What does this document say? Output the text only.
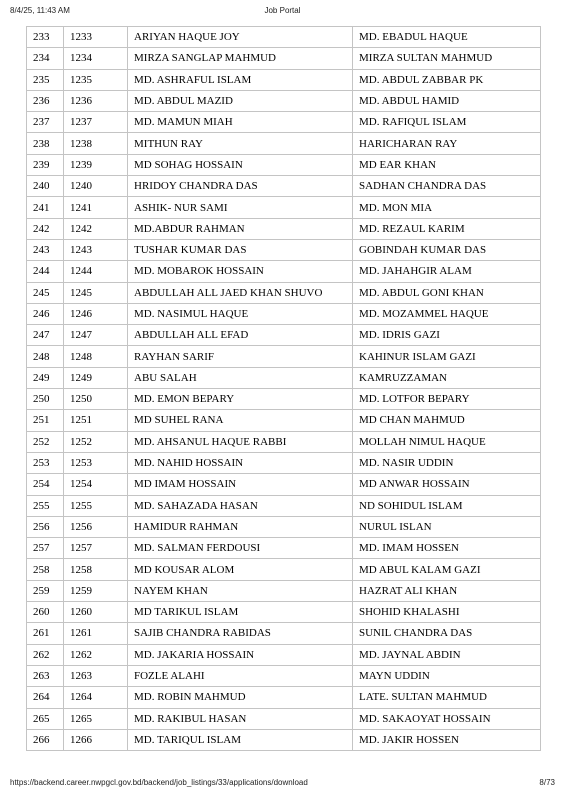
8/4/25, 11:43 AM	Job Portal
233	1233	ARIYAN HAQUE JOY	MD. EBADUL HAQUE
234	1234	MIRZA SANGLAP MAHMUD	MIRZA SULTAN MAHMUD
235	1235	MD. ASHRAFUL ISLAM	MD. ABDUL ZABBAR PK
236	1236	MD. ABDUL MAZID	MD. ABDUL HAMID
237	1237	MD. MAMUN MIAH	MD. RAFIQUL ISLAM
238	1238	MITHUN RAY	HARICHARAN RAY
239	1239	MD SOHAG HOSSAIN	MD EAR KHAN
240	1240	HRIDOY CHANDRA DAS	SADHAN CHANDRA DAS
241	1241	ASHIK- NUR SAMI	MD. MON MIA
242	1242	MD.ABDUR RAHMAN	MD. REZAUL KARIM
243	1243	TUSHAR KUMAR DAS	GOBINDAH KUMAR DAS
244	1244	MD. MOBAROK HOSSAIN	MD. JAHAHGIR ALAM
245	1245	ABDULLAH ALL JAED KHAN SHUVO	MD. ABDUL GONI KHAN
246	1246	MD. NASIMUL HAQUE	MD. MOZAMMEL HAQUE
247	1247	ABDULLAH ALL EFAD	MD. IDRIS GAZI
248	1248	RAYHAN SARIF	KAHINUR ISLAM GAZI
249	1249	ABU SALAH	KAMRUZZAMAN
250	1250	MD. EMON BEPARY	MD. LOTFOR BEPARY
251	1251	MD SUHEL RANA	MD CHAN MAHMUD
252	1252	MD. AHSANUL HAQUE RABBI	MOLLAH NIMUL HAQUE
253	1253	MD. NAHID HOSSAIN	MD. NASIR UDDIN
254	1254	MD IMAM HOSSAIN	MD ANWAR HOSSAIN
255	1255	MD. SAHAZADA HASAN	ND SOHIDUL ISLAM
256	1256	HAMIDUR RAHMAN	NURUL ISLAN
257	1257	MD. SALMAN FERDOUSI	MD. IMAM HOSSEN
258	1258	MD KOUSAR ALOM	MD ABUL KALAM GAZI
259	1259	NAYEM KHAN	HAZRAT ALI KHAN
260	1260	MD TARIKUL ISLAM	SHOHID KHALASHI
261	1261	SAJIB CHANDRA RABIDAS	SUNIL CHANDRA DAS
262	1262	MD. JAKARIA HOSSAIN	MD. JAYNAL ABDIN
263	1263	FOZLE ALAHI	MAYN UDDIN
264	1264	MD. ROBIN MAHMUD	LATE. SULTAN MAHMUD
265	1265	MD. RAKIBUL HASAN	MD. SAKAOYAT HOSSAIN
266	1266	MD. TARIQUL ISLAM	MD. JAKIR HOSSEN
https://backend.career.nwpgcl.gov.bd/backend/job_listings/33/applications/download	8/73
